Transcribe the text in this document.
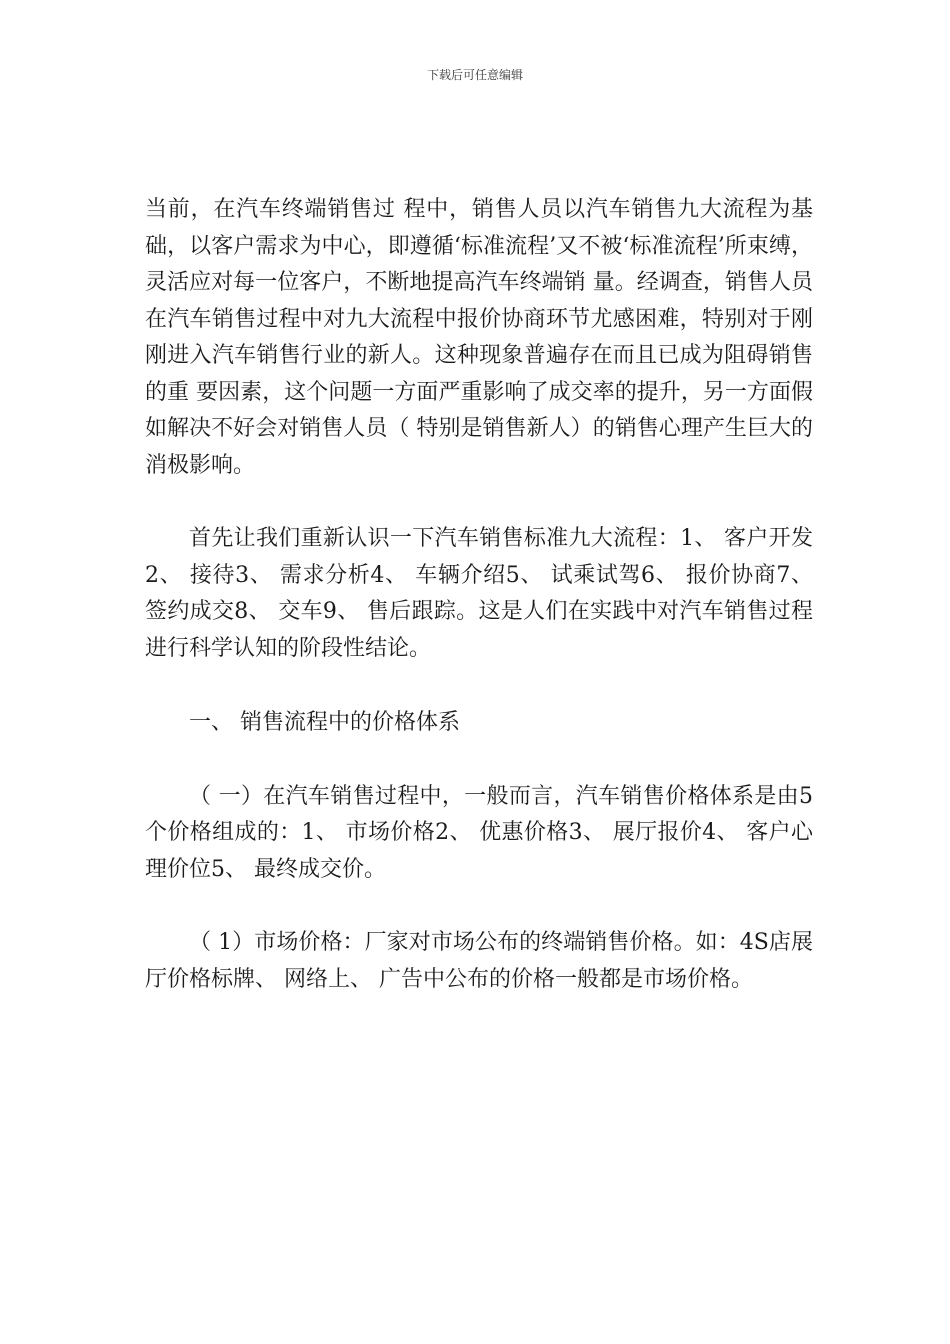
下载后可任意编辑

当前，在汽车终端销售过 程中，销售人员以汽车销售九大流程为基础，以客户需求为中心，即遵循‘标准流程’又不被‘标准流程’所束缚，灵活应对每一位客户，不断地提高汽车终端销 量。经调查，销售人员在汽车销售过程中对九大流程中报价协商环节尤感困难，特别对于刚刚进入汽车销售行业的新人。这种现象普遍存在而且已成为阻碍销售的重 要因素，这个问题一方面严重影响了成交率的提升，另一方面假如解决不好会对销售人员（ 特别是销售新人）的销售心理产生巨大的消极影响。

首先让我们重新认识一下汽车销售标准九大流程：1、 客户开发2、 接待3、 需求分析4、 车辆介绍5、 试乘试驾6、 报价协商7、 签约成交8、 交车9、 售后跟踪。这是人们在实践中对汽车销售过程进行科学认知的阶段性结论。

一、 销售流程中的价格体系

（ 一）在汽车销售过程中，一般而言，汽车销售价格体系是由5个价格组成的：1、 市场价格2、 优惠价格3、 展厅报价4、 客户心理价位5、 最终成交价。

（ 1）市场价格：厂家对市场公布的终端销售价格。如：4S店展厅价格标牌、 网络上、 广告中公布的价格一般都是市场价格。
